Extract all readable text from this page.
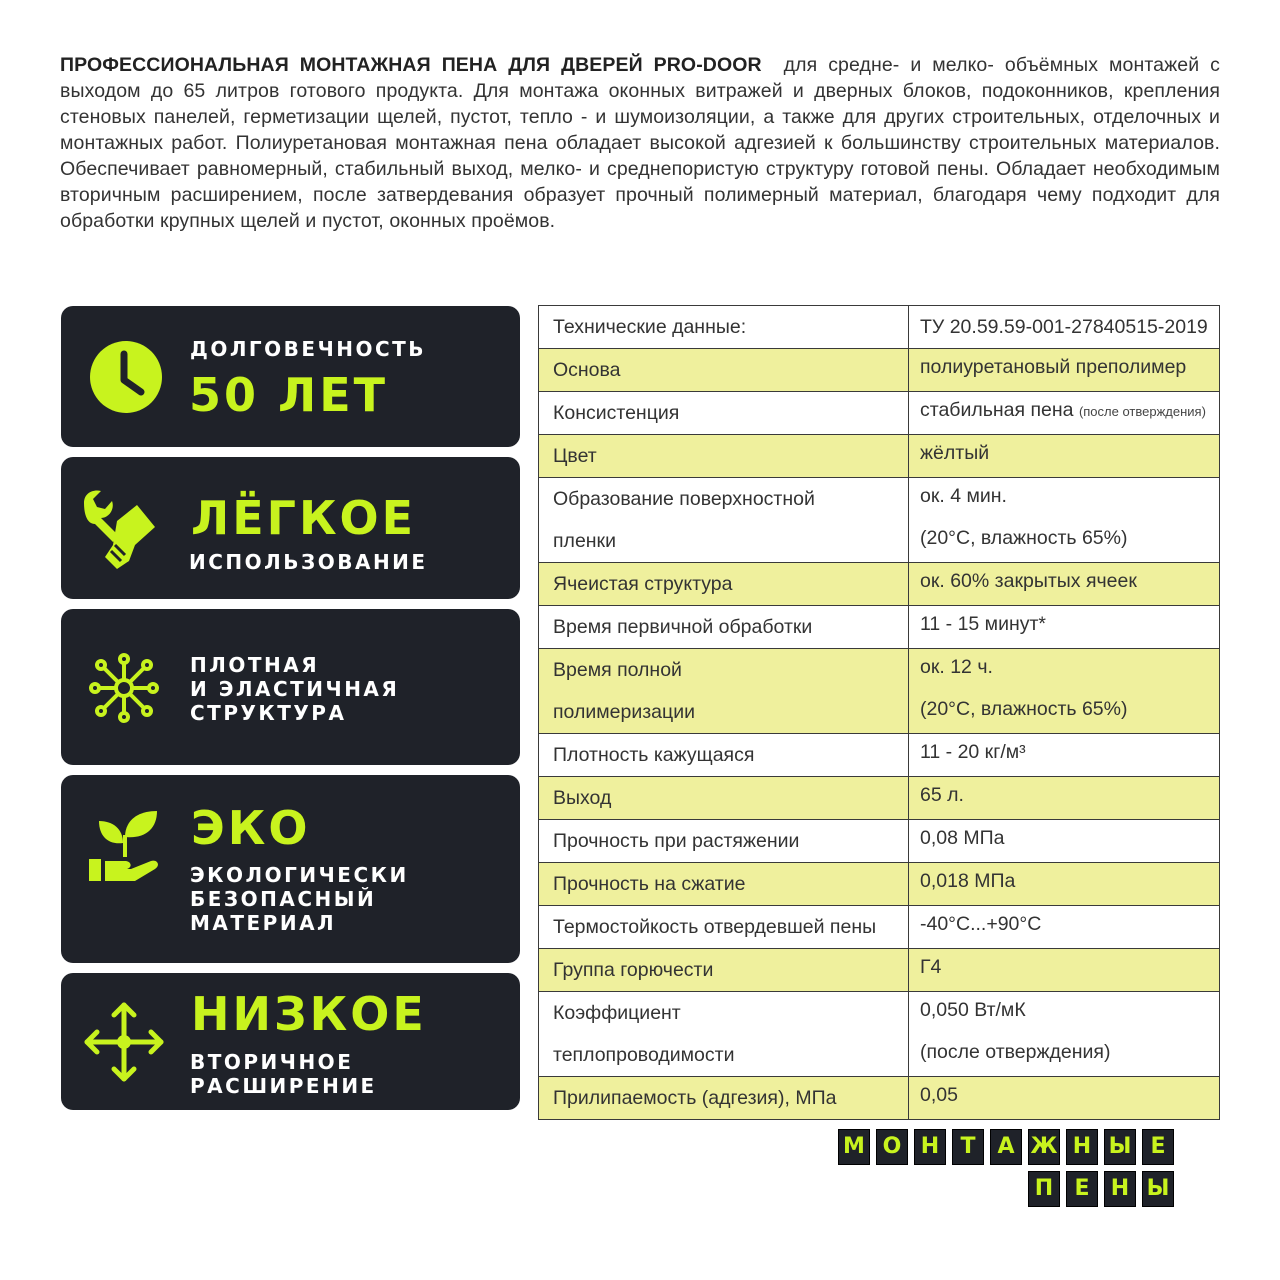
ПРОФЕССИОНАЛЬНАЯ МОНТАЖНАЯ ПЕНА ДЛЯ ДВЕРЕЙ PRO-DOOR для средне- и мелко- объёмных монтажей с выходом до 65 литров готового продукта. Для монтажа оконных витражей и дверных блоков, подоконников, крепления стеновых панелей, герметизации щелей, пустот, тепло - и шумоизоляции, а также для других строительных, отделочных и монтажных работ. Полиуретановая монтажная пена обладает высокой адгезией к большинству строительных материалов. Обеспечивает равномерный, стабильный выход, мелко- и среднепористую структуру готовой пены. Обладает необходимым вторичным расширением, после затвердевания образует прочный полимерный материал, благодаря чему подходит для обработки крупных щелей и пустот, оконных проёмов.
ДОЛГОВЕЧНОСТЬ
50 ЛЕТ
ЛЁГКОЕ
ИСПОЛЬЗОВАНИЕ
ПЛОТНАЯ
И ЭЛАСТИЧНАЯ
СТРУКТУРА
ЭКО
ЭКОЛОГИЧЕСКИ
БЕЗОПАСНЫЙ
МАТЕРИАЛ
НИЗКОЕ
ВТОРИЧНОЕ
РАСШИРЕНИЕ
Технические данные:	ТУ 20.59.59-001-27840515-2019

Основа	полиуретановый преполимер

Консистенция	стабильная пена (после отверждения)

Цвет	жёлтый

Образование поверхностной
пленки	ок. 4 мин.
(20°С, влажность 65%)

Ячеистая структура	ок. 60% закрытых ячеек

Время первичной обработки	11 - 15 минут*

Время полной
полимеризации	ок. 12 ч.
(20°С, влажность 65%)

Плотность кажущаяся	11 - 20 кг/м³

Выход	65 л.

Прочность при растяжении	0,08 МПа

Прочность на сжатие	0,018 МПа

Термостойкость отвердевшей пены	-40°С...+90°С

Группа горючести	Г4

Коэффициент
теплопроводимости	0,050 Вт/мК
(после отверждения)

Прилипаемость (адгезия), МПа	0,05
М О Н Т А Ж Н Ы Е
П Е Н Ы
